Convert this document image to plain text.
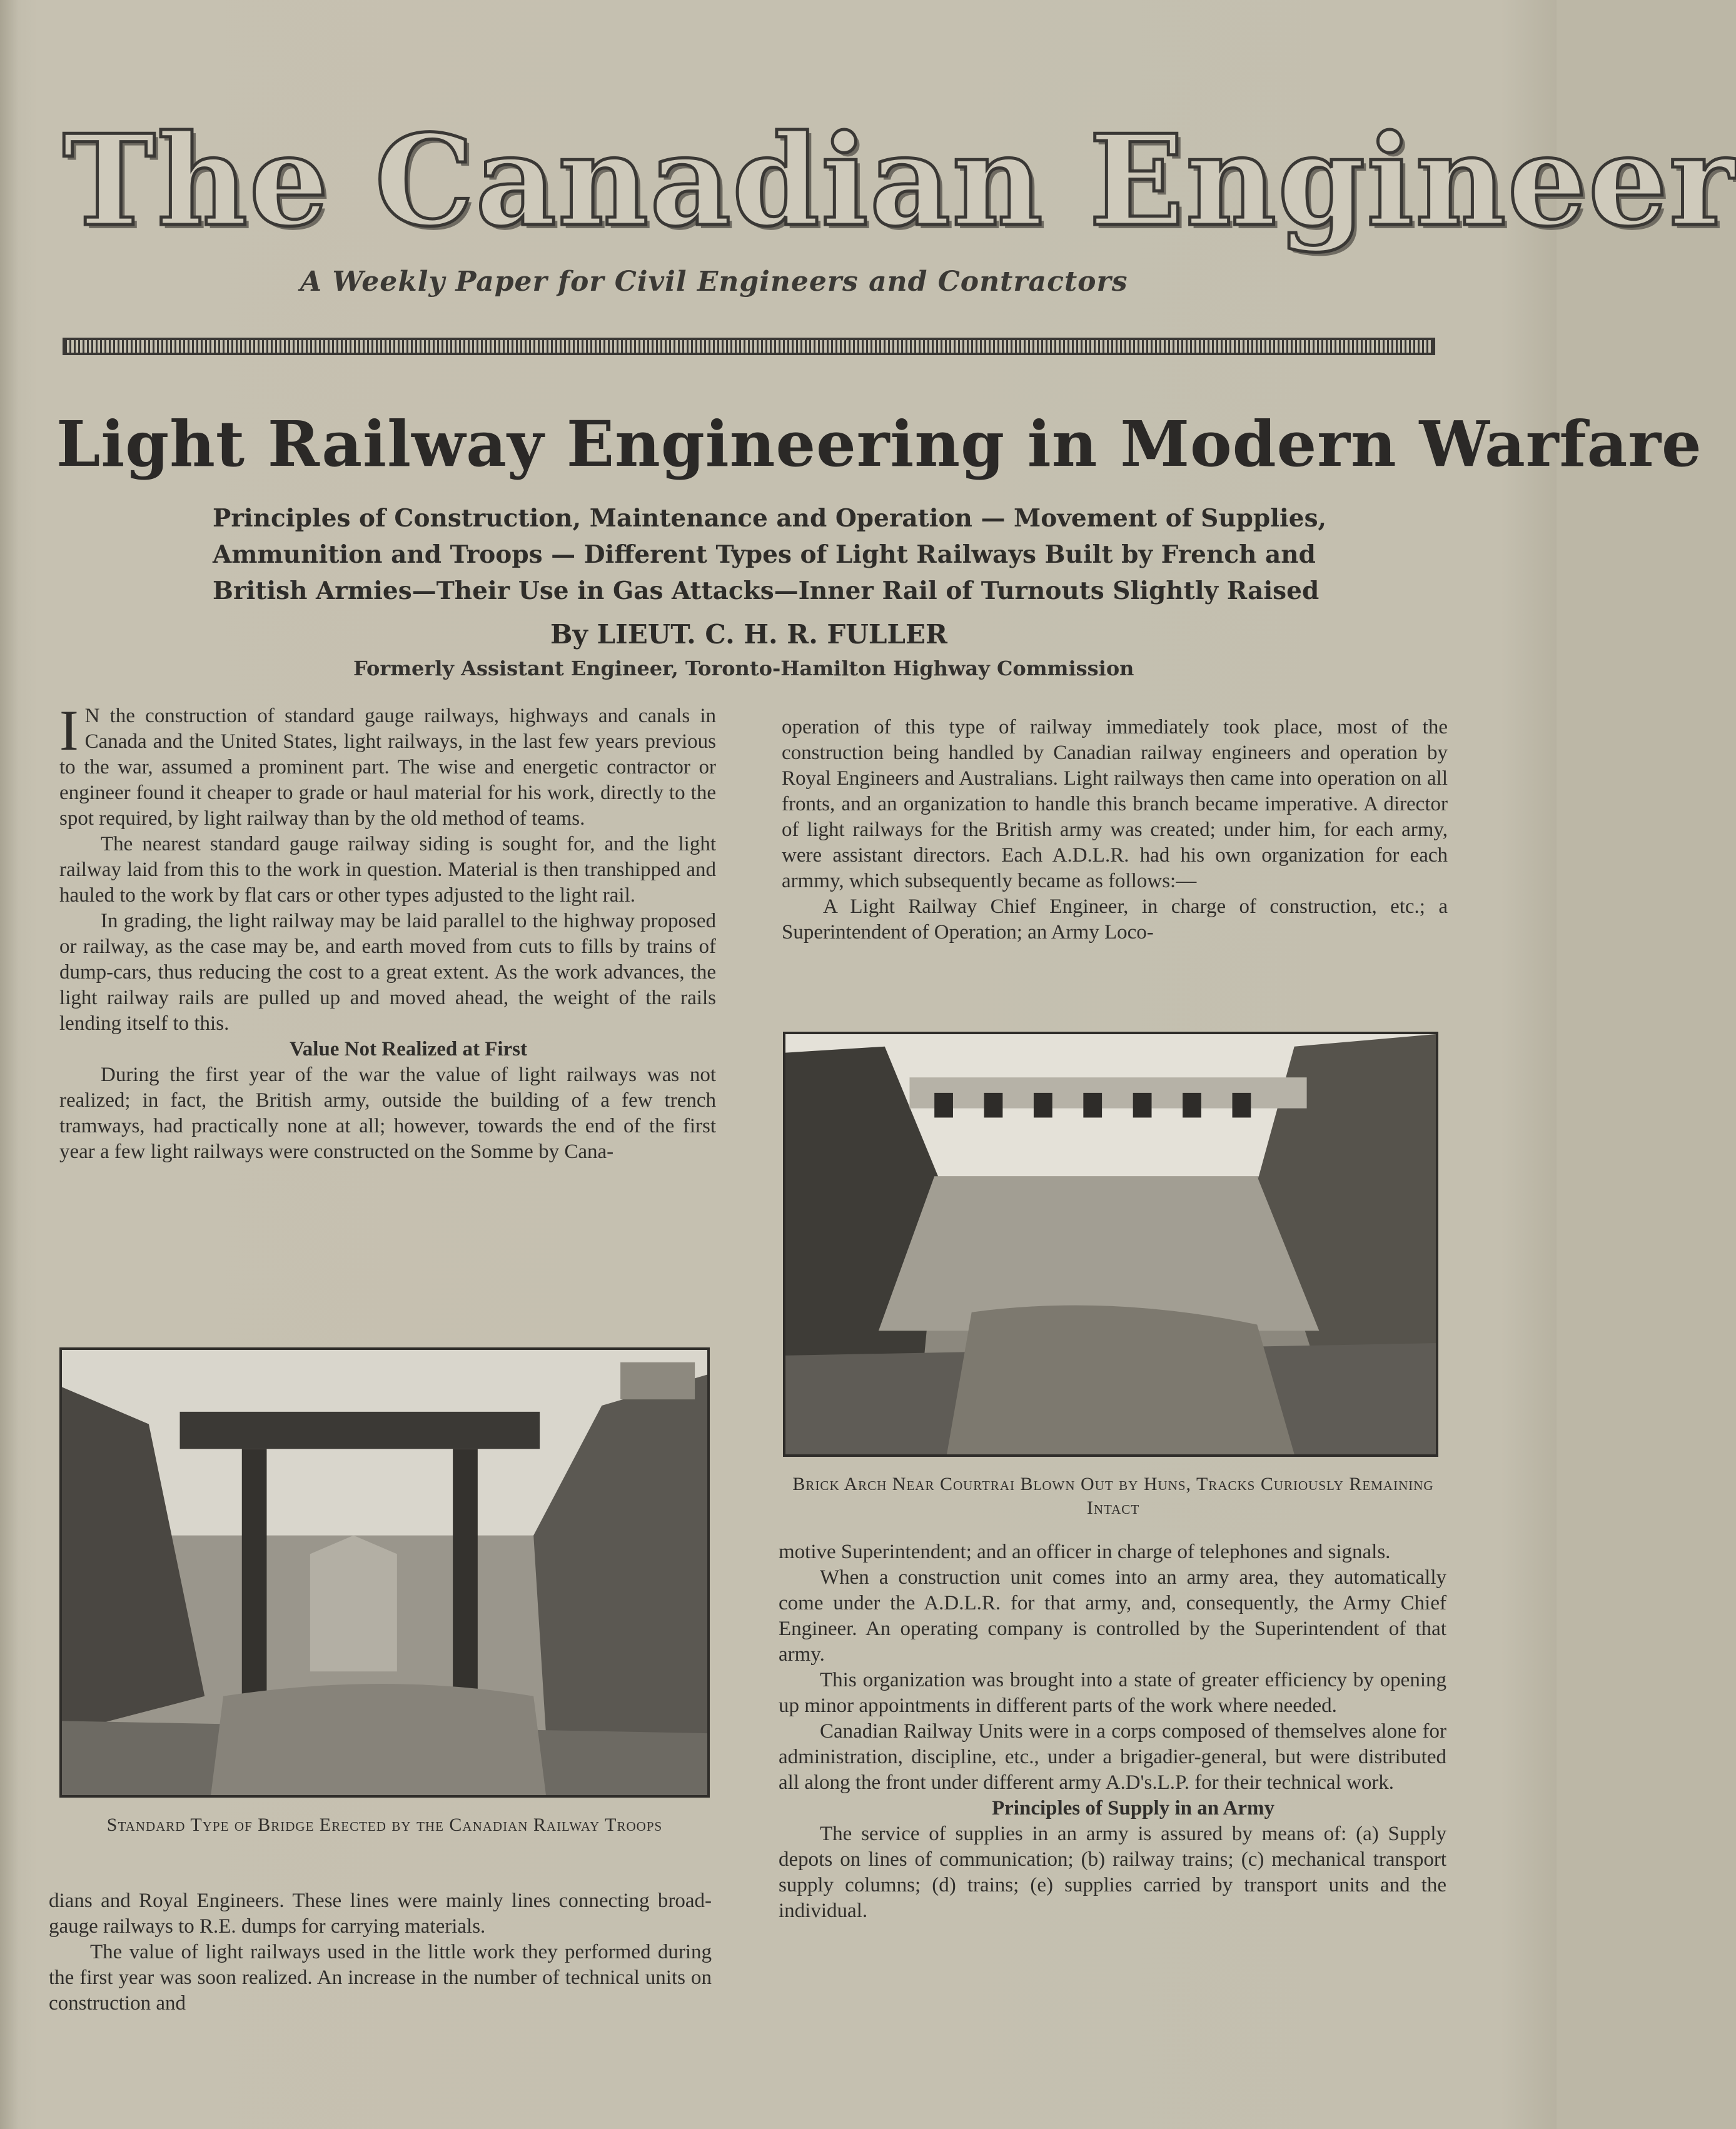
The Canadian Engineer
A Weekly Paper for Civil Engineers and Contractors
Light Railway Engineering in Modern Warfare
Principles of Construction, Maintenance and Operation — Movement of Supplies,
Ammunition and Troops — Different Types of Light Railways Built by French and
British Armies—Their Use in Gas Attacks—Inner Rail of Turnouts Slightly Raised
By LIEUT. C. H. R. FULLER
Formerly Assistant Engineer, Toronto-Hamilton Highway Commission

I N the construction of standard gauge railways, highways and canals in Canada and the United States, light railways, in the last few years previous to the war, assumed a prominent part. The wise and energetic contractor or engineer found it cheaper to grade or haul material for his work, directly to the spot required, by light railway than by the old method of teams.

The nearest standard gauge railway siding is sought for, and the light railway laid from this to the work in question. Material is then transhipped and hauled to the work by flat cars or other types adjusted to the light rail.

In grading, the light railway may be laid parallel to the highway proposed or railway, as the case may be, and earth moved from cuts to fills by trains of dump-cars, thus reducing the cost to a great extent. As the work advances, the light railway rails are pulled up and moved ahead, the weight of the rails lending itself to this.

Value Not Realized at First

During the first year of the war the value of light railways was not realized; in fact, the British army, outside the building of a few trench tramways, had practically none at all; however, towards the end of the first year a few light railways were constructed on the Somme by Cana-

Standard Type of Bridge Erected by the Canadian Railway Troops

dians and Royal Engineers. These lines were mainly lines connecting broad-gauge railways to R.E. dumps for carrying materials.

The value of light railways used in the little work they performed during the first year was soon realized. An increase in the number of technical units on construction and

operation of this type of railway immediately took place, most of the construction being handled by Canadian railway engineers and operation by Royal Engineers and Australians. Light railways then came into operation on all fronts, and an organization to handle this branch became imperative. A director of light railways for the British army was created; under him, for each army, were assistant directors. Each A.D.L.R. had his own organization for each armmy, which subsequently became as follows:—

A Light Railway Chief Engineer, in charge of construction, etc.; a Superintendent of Operation; an Army Loco-

Brick Arch Near Courtrai Blown Out by Huns, Tracks Curiously Remaining Intact

motive Superintendent; and an officer in charge of telephones and signals.

When a construction unit comes into an army area, they automatically come under the A.D.L.R. for that army, and, consequently, the Army Chief Engineer. An operating company is controlled by the Superintendent of that army.

This organization was brought into a state of greater efficiency by opening up minor appointments in different parts of the work where needed.

Canadian Railway Units were in a corps composed of themselves alone for administration, discipline, etc., under a brigadier-general, but were distributed all along the front under different army A.D's.L.P. for their technical work.

Principles of Supply in an Army

The service of supplies in an army is assured by means of: (a) Supply depots on lines of communication; (b) railway trains; (c) mechanical transport supply columns; (d) trains; (e) supplies carried by transport units and the individual.
